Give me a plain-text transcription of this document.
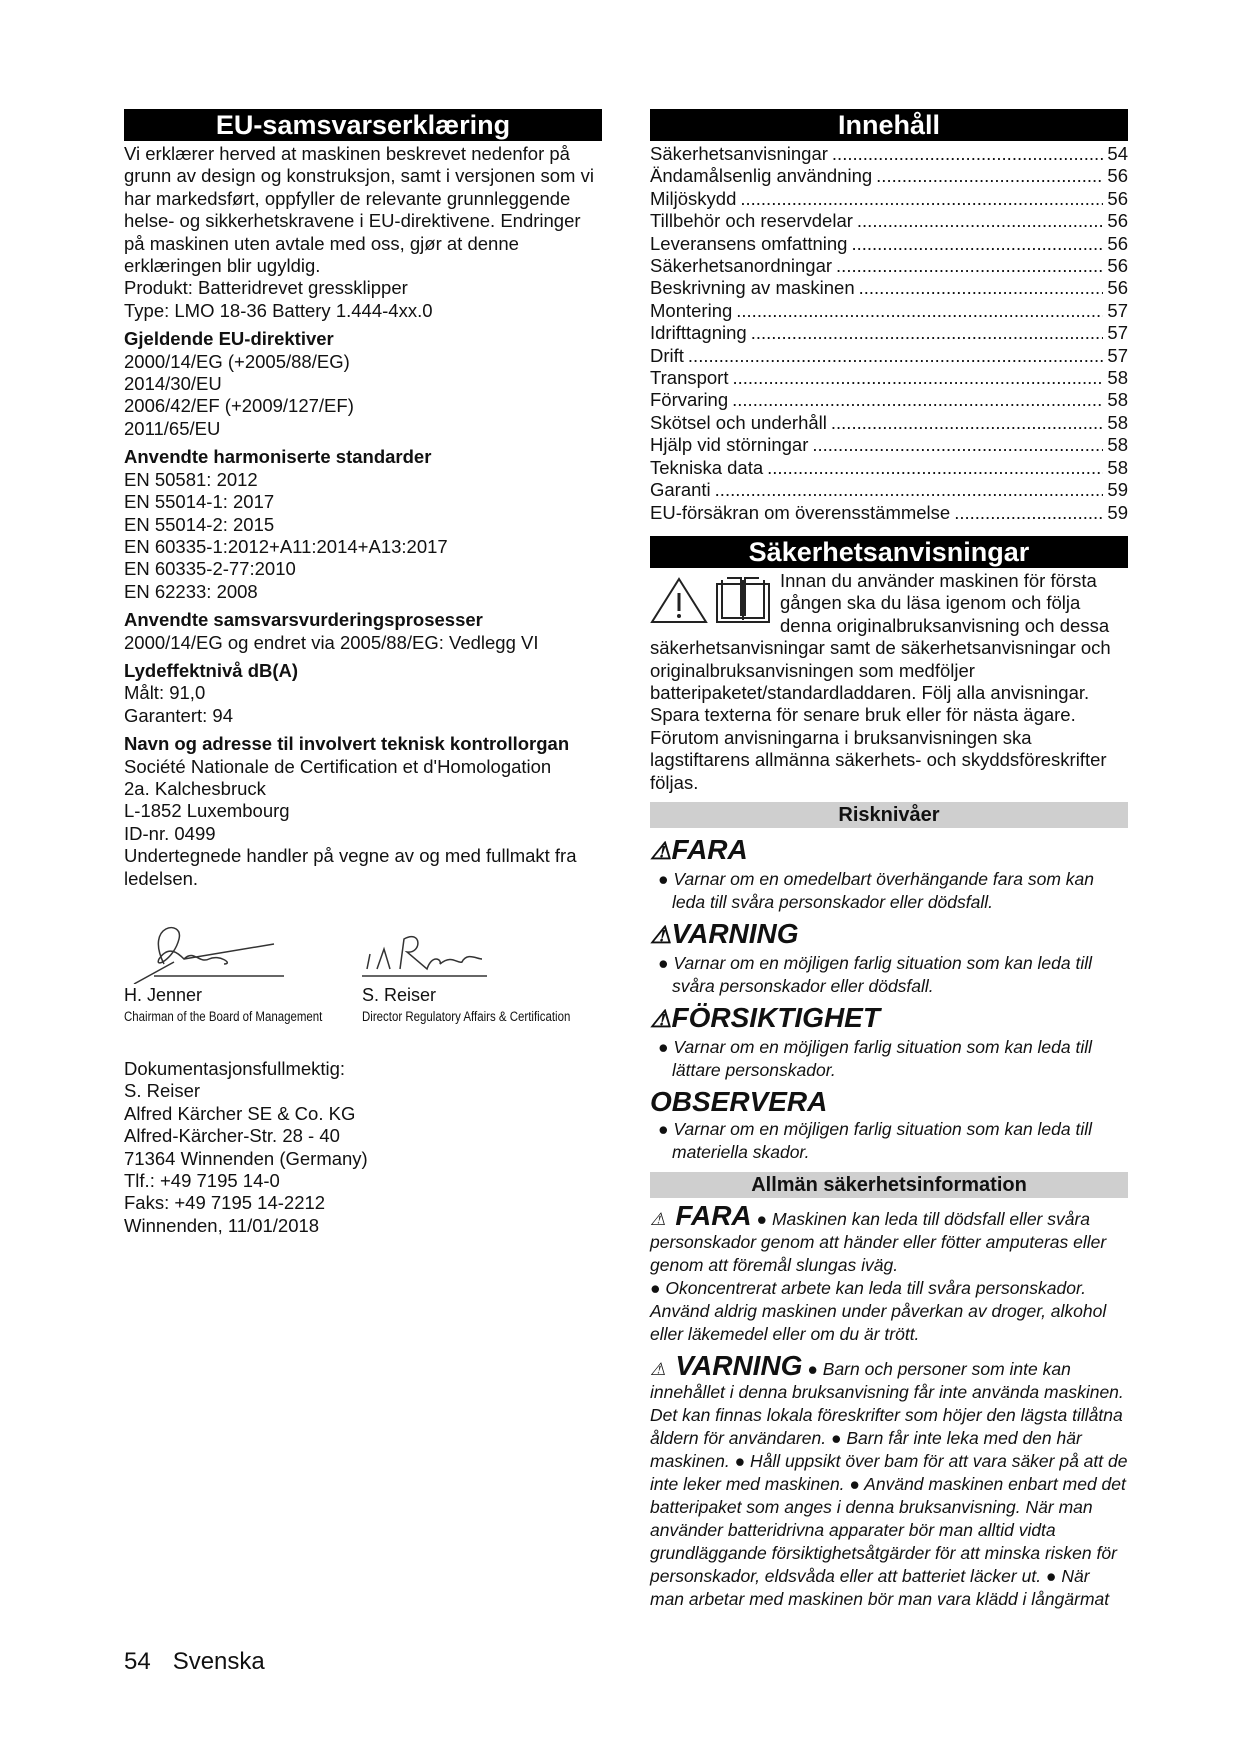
EU-samsvarserklæring

Vi erklærer herved at maskinen beskrevet nedenfor på grunn av design og konstruksjon, samt i versjonen som vi har markedsført, oppfyller de relevante grunnleggende helse- og sikkerhetskravene i EU-direktivene. Endringer på maskinen uten avtale med oss, gjør at denne erklæringen blir ugyldig.

Produkt: Batteridrevet gressklipper

Type: LMO 18-36 Battery 1.444-4xx.0

Gjeldende EU-direktiver

2000/14/EG (+2005/88/EG)

2014/30/EU

2006/42/EF (+2009/127/EF)

2011/65/EU

Anvendte harmoniserte standarder

EN 50581: 2012

EN 55014-1: 2017

EN 55014-2: 2015

EN 60335-1:2012+A11:2014+A13:2017

EN 60335-2-77:2010

EN 62233: 2008

Anvendte samsvarsvurderingsprosesser

2000/14/EG og endret via 2005/88/EG: Vedlegg VI

Lydeffektnivå dB(A)

Målt: 91,0

Garantert: 94

Navn og adresse til involvert teknisk kontrollorgan

Société Nationale de Certification et d'Homologation

2a. Kalchesbruck

L-1852 Luxembourg

ID-nr. 0499

Undertegnede handler på vegne av og med fullmakt fra ledelsen.

H. Jenner
Chairman of the Board of Management
S. Reiser
Director Regulatory Affairs & Certification

Dokumentasjonsfullmektig:

S. Reiser

Alfred Kärcher SE & Co. KG

Alfred-Kärcher-Str. 28 - 40

71364 Winnenden (Germany)

Tlf.: +49 7195 14-0

Faks: +49 7195 14-2212

Winnenden, 11/01/2018

Innehåll
Säkerhetsanvisningar .....	54
Ändamålsenlig användning .....	56
Miljöskydd .....	56
Tillbehör och reservdelar .....	56
Leveransens omfattning .....	56
Säkerhetsanordningar .....	56
Beskrivning av maskinen .....	56
Montering .....	57
Idrifttagning .....	57
Drift .....	57
Transport .....	58
Förvaring .....	58
Skötsel och underhåll .....	58
Hjälp vid störningar .....	58
Tekniska data .....	58
Garanti .....	59
EU-försäkran om överensstämmelse .....	59
Säkerhetsanvisningar

Innan du använder maskinen för första gången ska du läsa igenom och följa denna originalbruksanvisning och dessa säkerhetsanvisningar samt de säkerhetsanvisningar och originalbruksanvisningen som medföljer batteripaketet/standardladdaren. Följ alla anvisningar. Spara texterna för senare bruk eller för nästa ägare. Förutom anvisningarna i bruksanvisningen ska lagstiftarens allmänna säkerhets- och skyddsföreskrifter följas.

Risknivåer
⚠FARA

● Varnar om en omedelbart överhängande fara som kan leda till svåra personskador eller dödsfall.

⚠VARNING

● Varnar om en möjligen farlig situation som kan leda till svåra personskador eller dödsfall.

⚠FÖRSIKTIGHET

● Varnar om en möjligen farlig situation som kan leda till lättare personskador.

OBSERVERA

● Varnar om en möjligen farlig situation som kan leda till materiella skador.

Allmän säkerhetsinformation
⚠  FARA ● Maskinen kan leda till dödsfall eller svåra personskador genom att händer eller fötter amputeras eller genom att föremål slungas iväg.
● Okoncentrerat arbete kan leda till svåra personskador. Använd aldrig maskinen under påverkan av droger, alkohol eller läkemedel eller om du är trött.
⚠  VARNING ● Barn och personer som inte kan innehållet i denna bruksanvisning får inte använda maskinen. Det kan finnas lokala föreskrifter som höjer den lägsta tillåtna åldern för användaren. ● Barn får inte leka med den här maskinen. ● Håll uppsikt över bam för att vara säker på att de inte leker med maskinen. ● Använd maskinen enbart med det batteripaket som anges i denna bruksanvisning. När man använder batteridrivna apparater bör man alltid vidta grundläggande försiktighetsåtgärder för att minska risken för personskador, eldsvåda eller att batteriet läcker ut. ● När man arbetar med maskinen bör man vara klädd i långärmat
54 Svenska
